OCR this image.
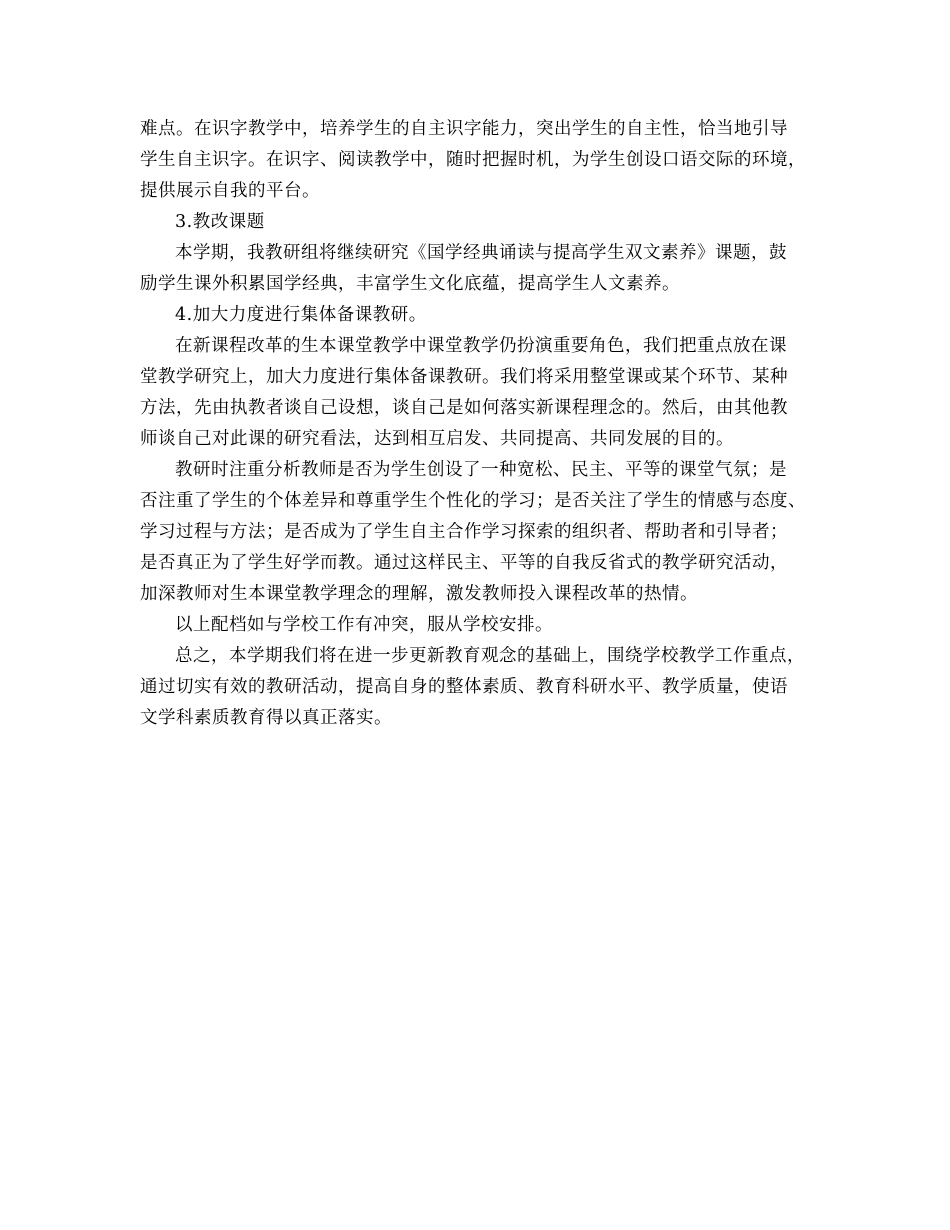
难点。在识字教学中，培养学生的自主识字能力，突出学生的自主性，恰当地引导
学生自主识字。在识字、阅读教学中，随时把握时机，为学生创设口语交际的环境，
提供展示自我的平台。
3.教改课题
本学期，我教研组将继续研究《国学经典诵读与提高学生双文素养》课题，鼓
励学生课外积累国学经典，丰富学生文化底蕴，提高学生人文素养。
4.加大力度进行集体备课教研。
在新课程改革的生本课堂教学中课堂教学仍扮演重要角色，我们把重点放在课
堂教学研究上，加大力度进行集体备课教研。我们将采用整堂课或某个环节、某种
方法，先由执教者谈自己设想，谈自己是如何落实新课程理念的。然后，由其他教
师谈自己对此课的研究看法，达到相互启发、共同提高、共同发展的目的。
教研时注重分析教师是否为学生创设了一种宽松、民主、平等的课堂气氛；是
否注重了学生的个体差异和尊重学生个性化的学习；是否关注了学生的情感与态度、
学习过程与方法；是否成为了学生自主合作学习探索的组织者、帮助者和引导者；
是否真正为了学生好学而教。通过这样民主、平等的自我反省式的教学研究活动，
加深教师对生本课堂教学理念的理解，激发教师投入课程改革的热情。
以上配档如与学校工作有冲突，服从学校安排。
总之，本学期我们将在进一步更新教育观念的基础上，围绕学校教学工作重点，
通过切实有效的教研活动，提高自身的整体素质、教育科研水平、教学质量，使语
文学科素质教育得以真正落实。
